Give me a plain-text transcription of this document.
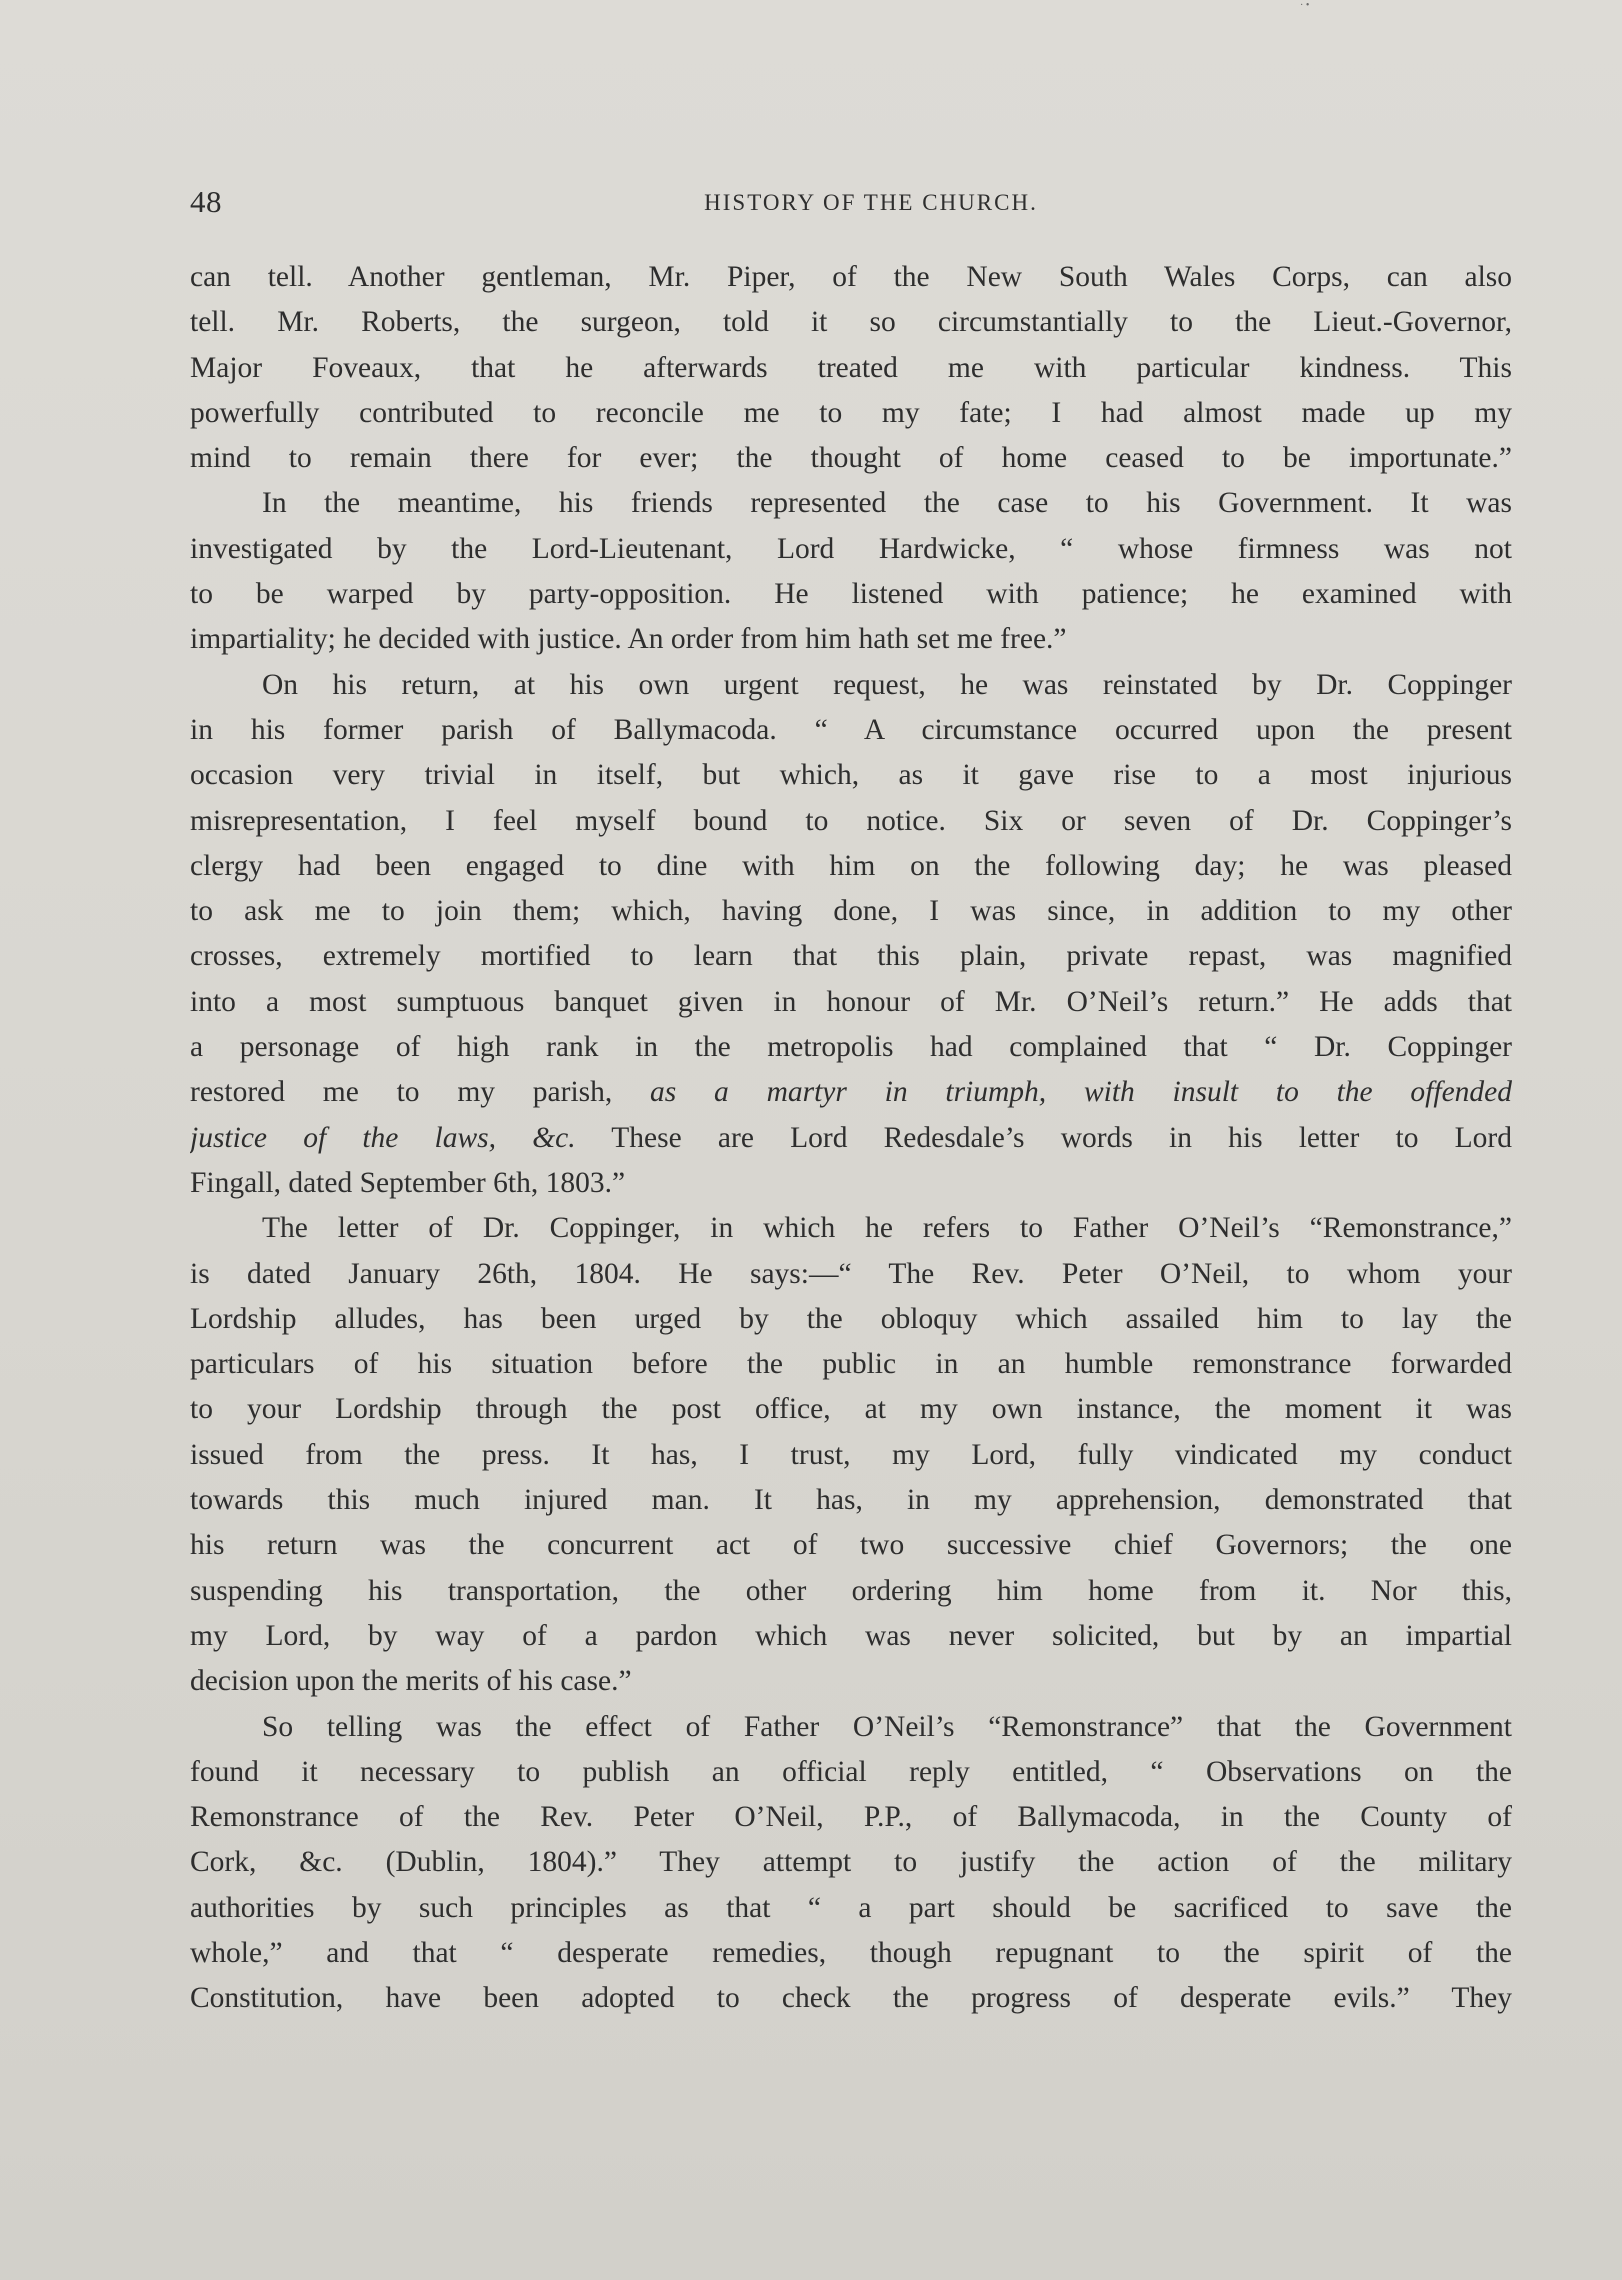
· •
48	HISTORY OF THE CHURCH.
can tell. Another gentleman, Mr. Piper, of the New South Wales Corps, can also
tell. Mr. Roberts, the surgeon, told it so circumstantially to the Lieut.-Governor,
Major Foveaux, that he afterwards treated me with particular kindness. This
powerfully contributed to reconcile me to my fate; I had almost made up my
mind to remain there for ever; the thought of home ceased to be importunate.”
In the meantime, his friends represented the case to his Government. It was
investigated by the Lord-Lieutenant, Lord Hardwicke, “ whose firmness was not
to be warped by party-opposition. He listened with patience; he examined with
impartiality; he decided with justice. An order from him hath set me free.”
On his return, at his own urgent request, he was reinstated by Dr. Coppinger
in his former parish of Ballymacoda. “ A circumstance occurred upon the present
occasion very trivial in itself, but which, as it gave rise to a most injurious
misrepresentation, I feel myself bound to notice. Six or seven of Dr. Coppinger’s
clergy had been engaged to dine with him on the following day; he was pleased
to ask me to join them; which, having done, I was since, in addition to my other
crosses, extremely mortified to learn that this plain, private repast, was magnified
into a most sumptuous banquet given in honour of Mr. O’Neil’s return.” He adds that
a personage of high rank in the metropolis had complained that “ Dr. Coppinger
restored me to my parish, as a martyr in triumph, with insult to the offended
justice of the laws, &c. These are Lord Redesdale’s words in his letter to Lord
Fingall, dated September 6th, 1803.”
The letter of Dr. Coppinger, in which he refers to Father O’Neil’s “Remonstrance,”
is dated January 26th, 1804. He says:—“ The Rev. Peter O’Neil, to whom your
Lordship alludes, has been urged by the obloquy which assailed him to lay the
particulars of his situation before the public in an humble remonstrance forwarded
to your Lordship through the post office, at my own instance, the moment it was
issued from the press. It has, I trust, my Lord, fully vindicated my conduct
towards this much injured man. It has, in my apprehension, demonstrated that
his return was the concurrent act of two successive chief Governors; the one
suspending his transportation, the other ordering him home from it. Nor this,
my Lord, by way of a pardon which was never solicited, but by an impartial
decision upon the merits of his case.”
So telling was the effect of Father O’Neil’s “Remonstrance” that the Government
found it necessary to publish an official reply entitled, “ Observations on the
Remonstrance of the Rev. Peter O’Neil, P.P., of Ballymacoda, in the County of
Cork, &c. (Dublin, 1804).” They attempt to justify the action of the military
authorities by such principles as that “ a part should be sacrificed to save the
whole,” and that “ desperate remedies, though repugnant to the spirit of the
Constitution, have been adopted to check the progress of desperate evils.” They
